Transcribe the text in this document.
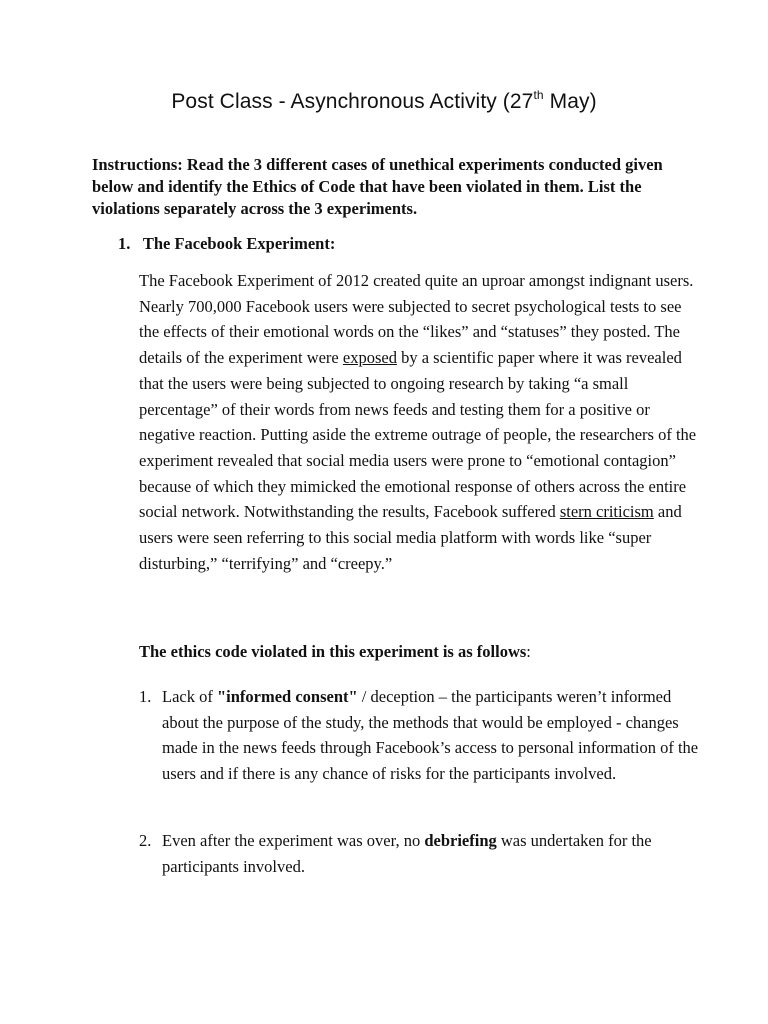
Post Class - Asynchronous Activity (27th May)
Instructions: Read the 3 different cases of unethical experiments conducted given below and identify the Ethics of Code that have been violated in them. List the violations separately across the 3 experiments.
1. The Facebook Experiment:
The Facebook Experiment of 2012 created quite an uproar amongst indignant users. Nearly 700,000 Facebook users were subjected to secret psychological tests to see the effects of their emotional words on the “likes” and “statuses” they posted. The details of the experiment were exposed by a scientific paper where it was revealed that the users were being subjected to ongoing research by taking “a small percentage” of their words from news feeds and testing them for a positive or negative reaction. Putting aside the extreme outrage of people, the researchers of the experiment revealed that social media users were prone to “emotional contagion” because of which they mimicked the emotional response of others across the entire social network. Notwithstanding the results, Facebook suffered stern criticism and users were seen referring to this social media platform with words like “super disturbing,” “terrifying” and “creepy.”
The ethics code violated in this experiment is as follows:
1. Lack of "informed consent" / deception – the participants weren’t informed about the purpose of the study, the methods that would be employed - changes made in the news feeds through Facebook’s access to personal information of the users and if there is any chance of risks for the participants involved.
2. Even after the experiment was over, no debriefing was undertaken for the participants involved.
